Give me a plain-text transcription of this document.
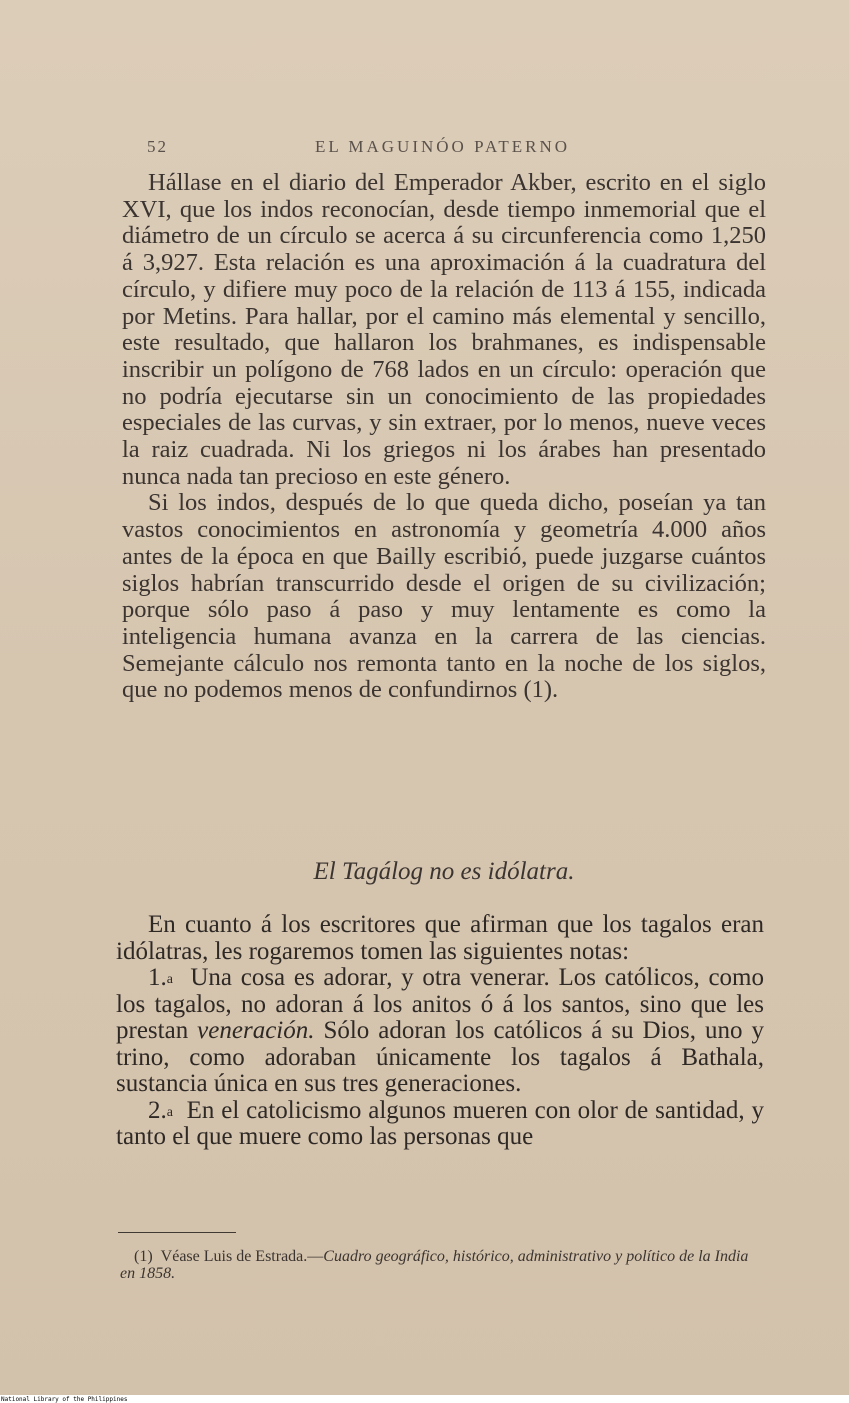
52	EL MAGUINÓO PATERNO

Hállase en el diario del Emperador Akber, escrito en el siglo XVI, que los indos reconocían, desde tiempo inmemorial que el diámetro de un círculo se acerca á su circunferencia como 1,250 á 3,927. Esta relación es una aproximación á la cuadratura del círculo, y difiere muy poco de la relación de 113 á 155, indicada por Metins. Para hallar, por el camino más elemental y sencillo, este resultado, que hallaron los brahmanes, es indispensable inscribir un polígono de 768 lados en un círculo: operación que no podría ejecutarse sin un conocimiento de las propiedades especiales de las curvas, y sin extraer, por lo menos, nueve veces la raiz cuadrada. Ni los griegos ni los árabes han presentado nunca nada tan precioso en este género.

Si los indos, después de lo que queda dicho, poseían ya tan vastos conocimientos en astronomía y geometría 4.000 años antes de la época en que Bailly escribió, puede juzgarse cuántos siglos habrían transcurrido desde el origen de su civilización; porque sólo paso á paso y muy lentamente es como la inteligencia humana avanza en la carrera de las ciencias. Semejante cálculo nos remonta tanto en la noche de los siglos, que no podemos menos de confundirnos (1).

El Tagálog no es idólatra.

En cuanto á los escritores que afirman que los tagalos eran idólatras, les rogaremos tomen las siguientes notas:

1.$^a$ Una cosa es adorar, y otra venerar. Los católicos, como los tagalos, no adoran á los anitos ó á los santos, sino que les prestan veneración. Sólo adoran los católicos á su Dios, uno y trino, como adoraban únicamente los tagalos á Bathala, sustancia única en sus tres generaciones.

2.$^a$ En el catolicismo algunos mueren con olor de santidad, y tanto el que muere como las personas que

(1) Véase Luis de Estrada.—Cuadro geográfico, histórico, administrativo y político de la India en 1858.
National Library of the Philippines
